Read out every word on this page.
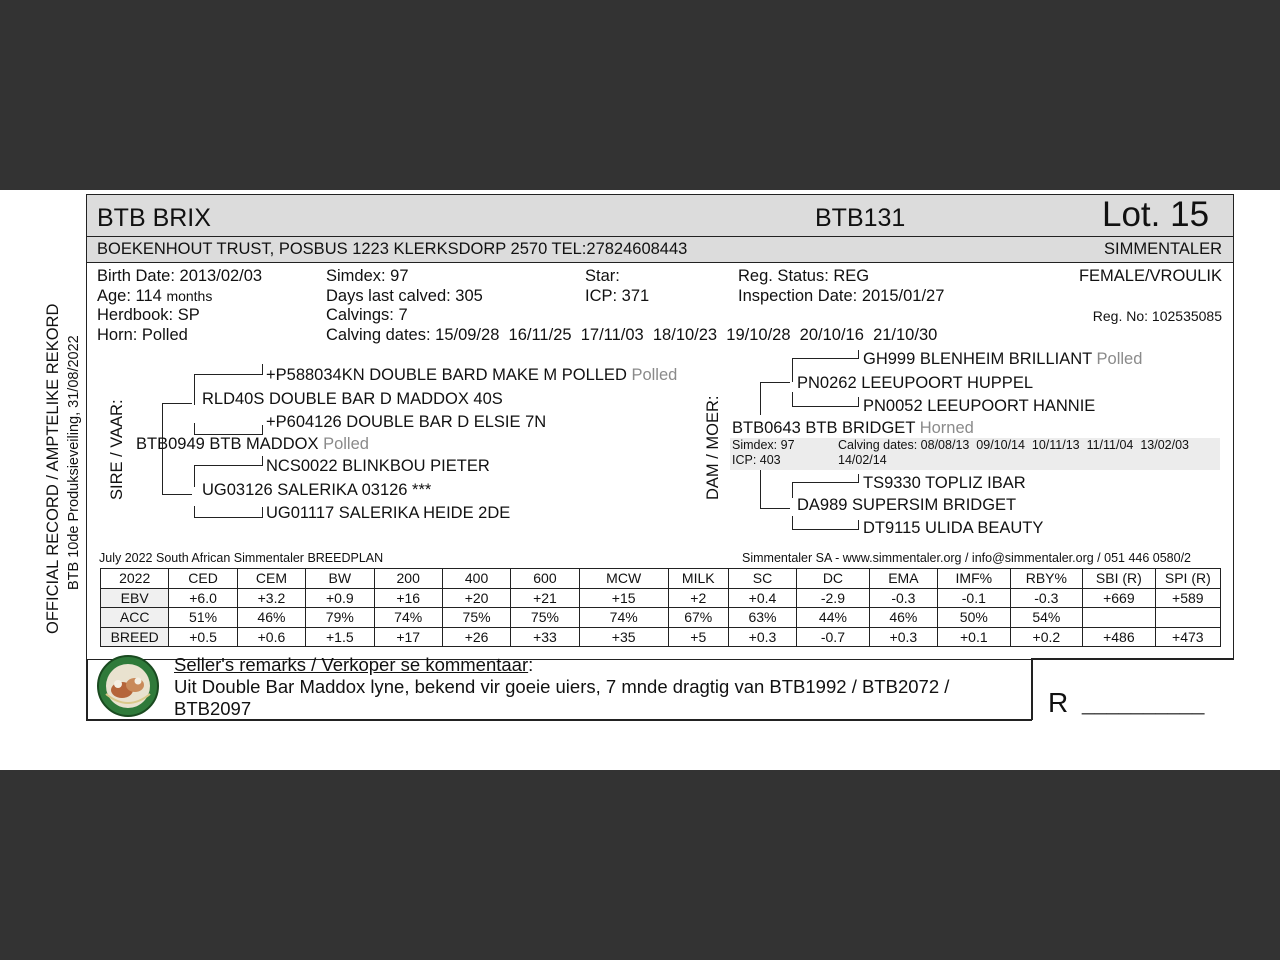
OFFICIAL RECORD / AMPTELIKE REKORD BTB 10de Produksieveiling, 31/08/2022
BTB BRIX	BTB131	Lot. 15
BOEKENHOUT TRUST, POSBUS 1223 KLERKSDORP 2570 TEL:27824608443	SIMMENTALER
Birth Date: 2013/02/03
Age: 114 months
Herdbook: SP
Horn: Polled
Simdex: 97
Days last calved: 305
Calvings: 7
Calving dates: 15/09/28  16/11/25  17/11/03  18/10/23  19/10/28  20/10/16  21/10/30
Star:
ICP: 371
Reg. Status: REG
Inspection Date: 2015/01/27
FEMALE/VROULIK
Reg. No: 102535085
SIRE / VAAR:
+P588034KN DOUBLE BARD MAKE M POLLED Polled
RLD40S DOUBLE BAR D MADDOX 40S
+P604126 DOUBLE BAR D ELSIE 7N
BTB0949 BTB MADDOX Polled
NCS0022 BLINKBOU PIETER
UG03126 SALERIKA 03126 ***
UG01117 SALERIKA HEIDE 2DE
DAM / MOER:
GH999 BLENHEIM BRILLIANT Polled
PN0262 LEEUPOORT HUPPEL
PN0052 LEEUPOORT HANNIE
BTB0643 BTB BRIDGET Horned
Simdex: 97
ICP: 403
Calving dates: 08/08/13  09/10/14  10/11/13  11/11/04  13/02/03
14/02/14
TS9330 TOPLIZ IBAR
DA989 SUPERSIM BRIDGET
DT9115 ULIDA BEAUTY
July 2022 South African Simmentaler BREEDPLAN	Simmentaler SA - www.simmentaler.org / info@simmentaler.org / 051 446 0580/2
2022	CED	CEM	BW	200	400	600	MCW	MILK	SC	DC	EMA	IMF%	RBY%	SBI (R)	SPI (R)
EBV	+6.0	+3.2	+0.9	+16	+20	+21	+15	+2	+0.4	-2.9	-0.3	-0.1	-0.3	+669	+589
ACC	51%	46%	79%	74%	75%	75%	74%	67%	63%	44%	46%	50%	54%		
BREED	+0.5	+0.6	+1.5	+17	+26	+33	+35	+5	+0.3	-0.7	+0.3	+0.1	+0.2	+486	+473
Seller's remarks / Verkoper se kommentaar:
Uit Double Bar Maddox lyne, bekend vir goeie uiers, 7 mnde dragtig van BTB1992 / BTB2072 /
BTB2097	R __________
